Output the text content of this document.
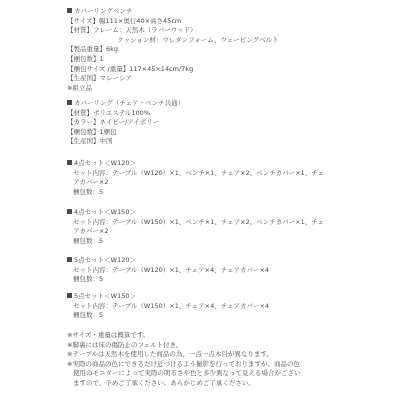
カバーリングベンチ
【サイズ】幅111×奥行40×高さ45cm
【材質】フレーム：天然木（ラバーウッド）
クッション材：ウレタンフォーム、ウェービングベルト
【製品重量】6kg
【梱包数】1
【梱包サイズ /重量】117×45×14cm/7kg
【生産国】マレーシア
※組立品
カバーリング（チェア・ベンチ共通）
【材質】ポリエステル100%
【カラー】ネイビー/アイボリー
【梱包数】1梱包
【生産国】中国
4点セット＜W120＞
セット内容：テーブル（W120）×1、ベンチ×1、チェア×2、ベンチカバー×1、チェ
アカバー×2
梱包数：5
4点セット＜W150＞
セット内容：テーブル（W150）×1、ベンチ×1、チェア×2、ベンチカバー×1、チェ
アカバー×2
梱包数：5
5点セット＜W120＞
セット内容：テーブル（W120）×1、チェア×4、チェアカバー×4
梱包数：5
5点セット＜W150＞
セット内容：テーブル（W150）×1、チェア×4、チェアカバー×4
梱包数：5
※サイズ・重量は概算です。
※脚裏には床の傷防止のフェルト付き。
※テーブルは天然木を使用した商品の為、一点一点木目が異なります。
※実際の商品の色にできるだけ近づけるよう撮影を行っておりますが、商品の色
使用のモニターによって実際の明るさや色と多少異なって見える場合がござい
ますので、予めご了承ください。あらかじめご了承ください。
